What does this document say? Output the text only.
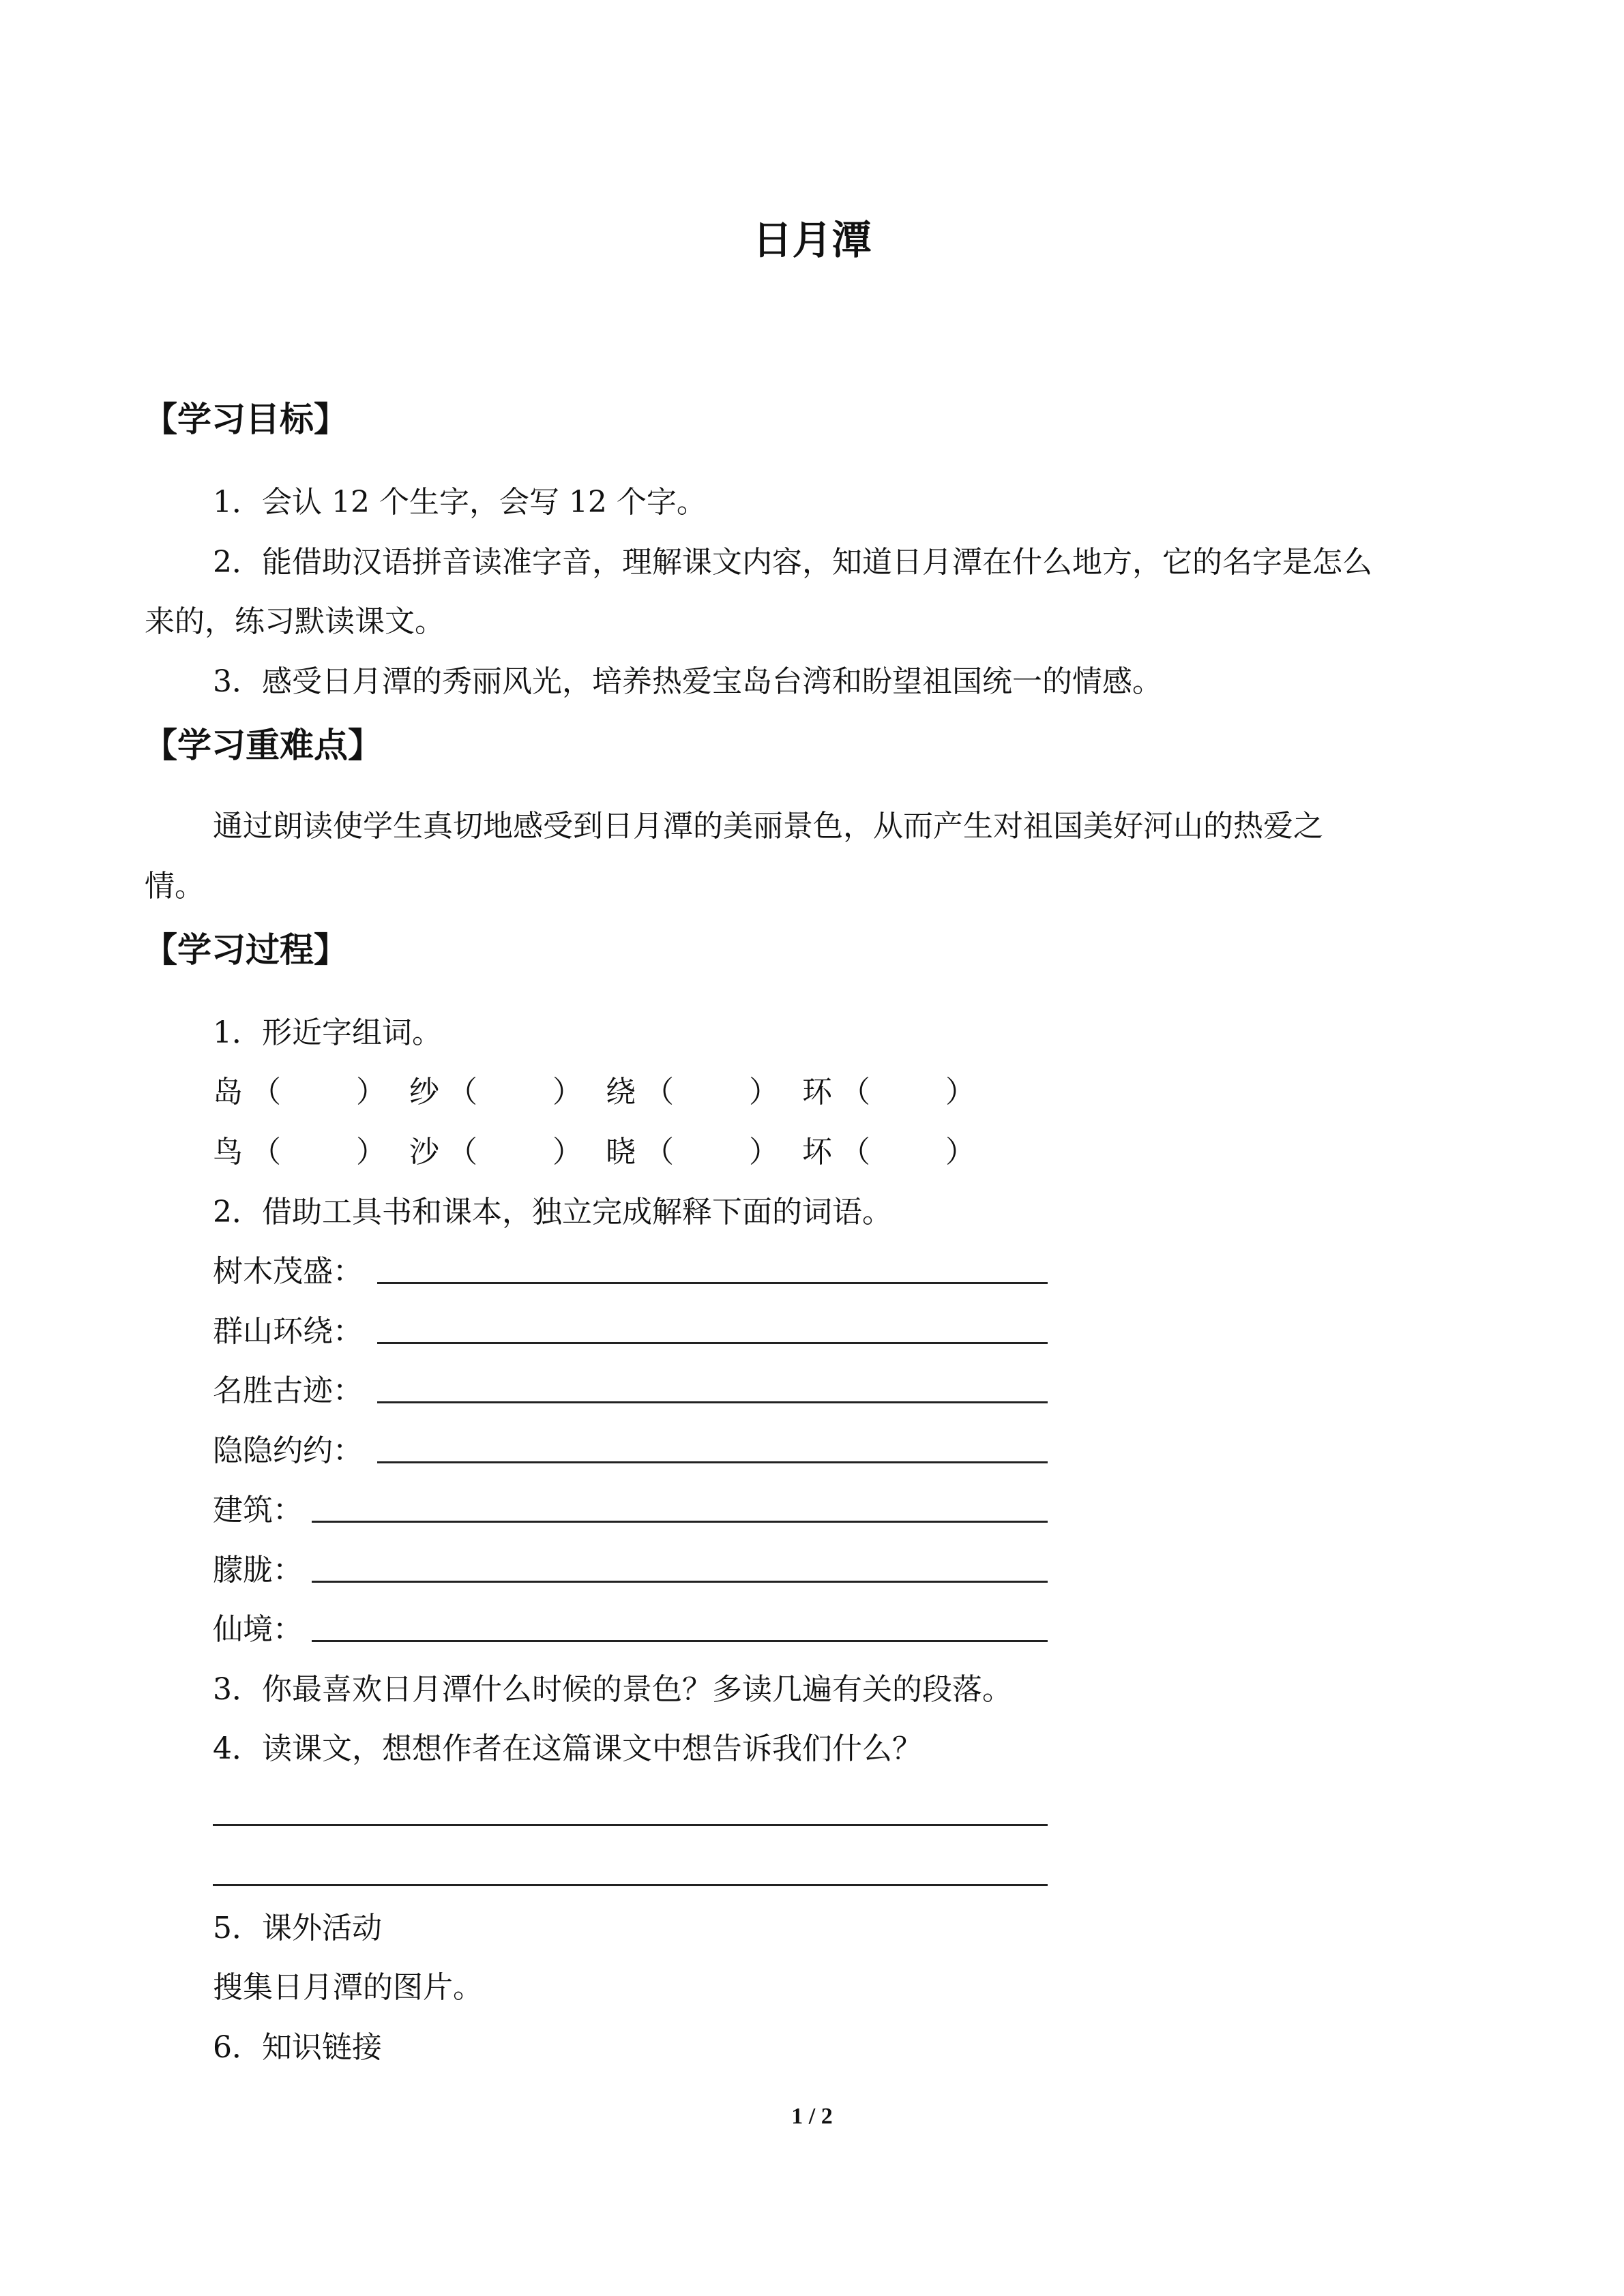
日月潭
【学习目标】
1．会认 12 个生字，会写 12 个字。
2．能借助汉语拼音读准字音，理解课文内容，知道日月潭在什么地方，它的名字是怎么
来的，练习默读课文。
3．感受日月潭的秀丽风光，培养热爱宝岛台湾和盼望祖国统一的情感。
【学习重难点】
通过朗读使学生真切地感受到日月潭的美丽景色，从而产生对祖国美好河山的热爱之
情。
【学习过程】
1．形近字组词。
岛 （	） 纱 （	） 绕 （	） 环 （	）
鸟 （	） 沙 （	） 晓 （	） 坏 （	）
2．借助工具书和课本，独立完成解释下面的词语。
树木茂盛：
群山环绕：
名胜古迹：
隐隐约约：
建筑：
朦胧：
仙境：
3．你最喜欢日月潭什么时候的景色？多读几遍有关的段落。
4．读课文，想想作者在这篇课文中想告诉我们什么？
5．课外活动
搜集日月潭的图片。
6．知识链接
1 / 2
